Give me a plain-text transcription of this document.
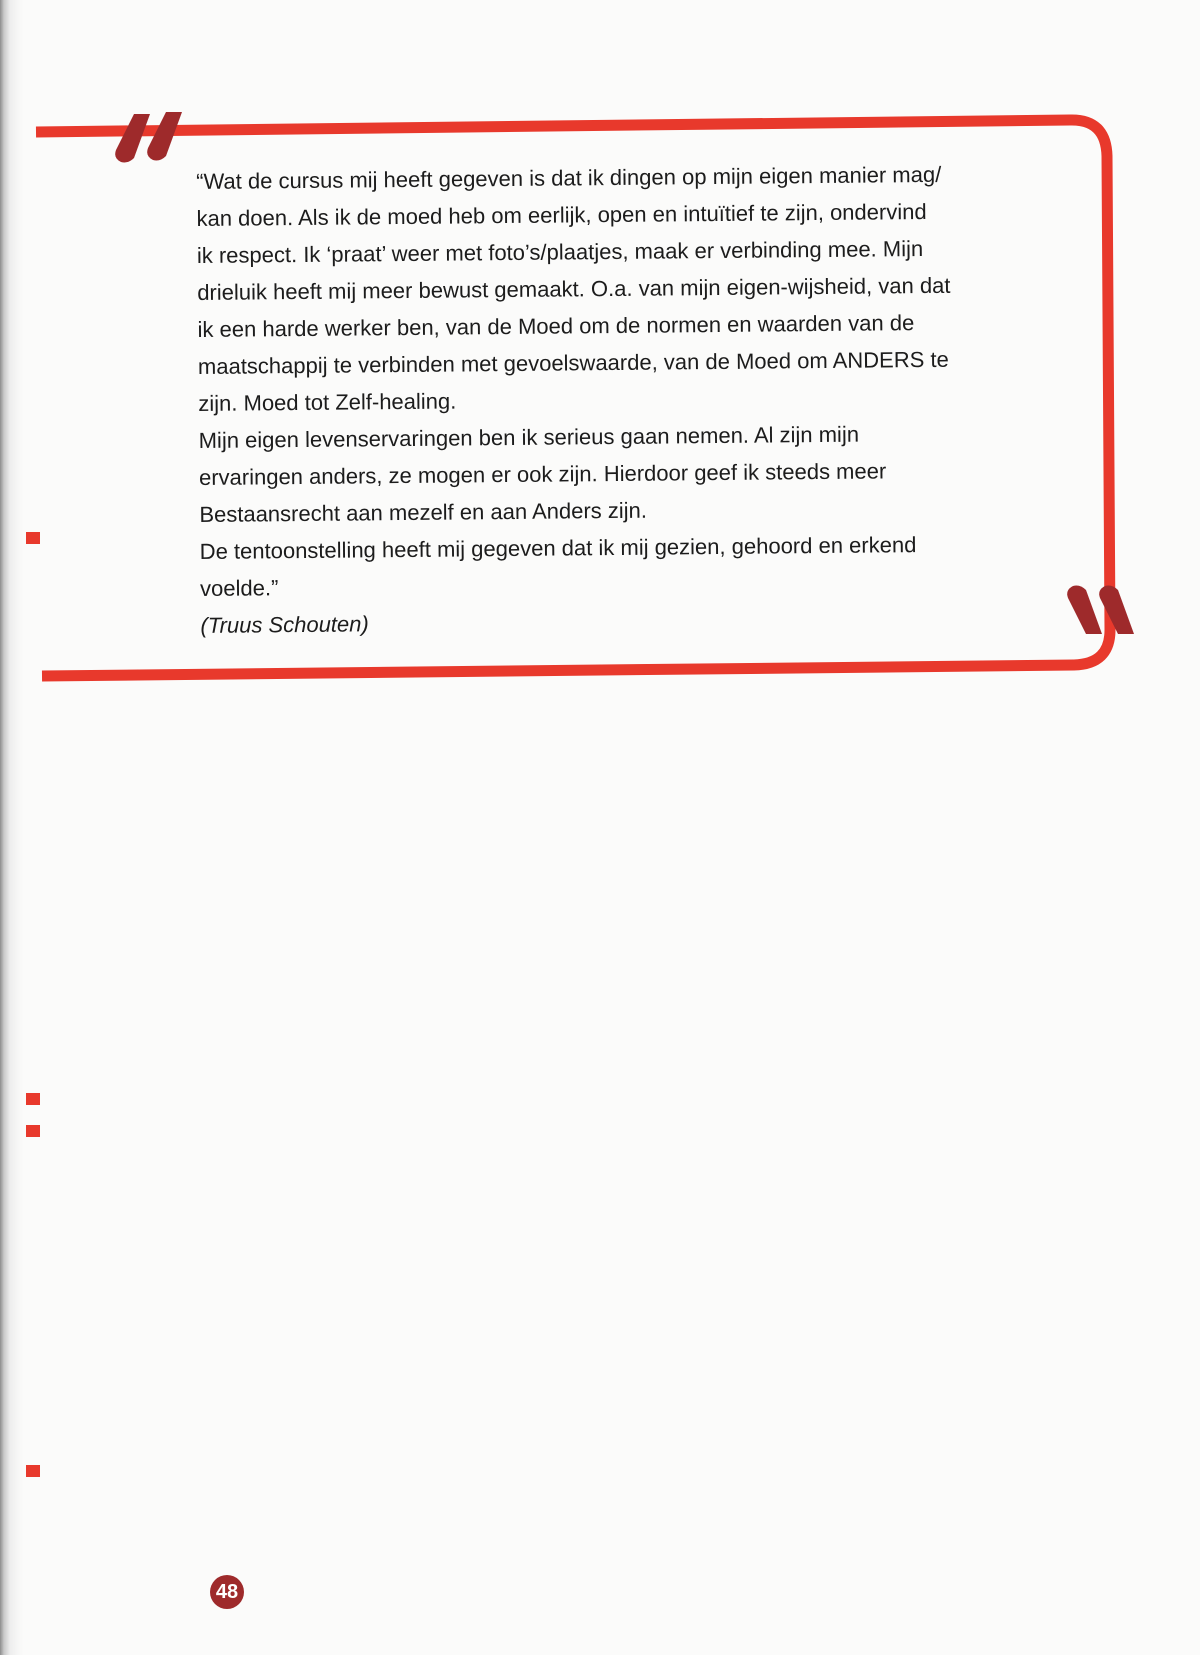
“Wat de cursus mij heeft gegeven is dat ik dingen op mijn eigen manier mag/
kan doen. Als ik de moed heb om eerlijk, open en intuïtief te zijn, ondervind
ik respect. Ik ‘praat’ weer met foto’s/plaatjes, maak er verbinding mee. Mijn
drieluik heeft mij meer bewust gemaakt. O.a. van mijn eigen-wijsheid, van dat
ik een harde werker ben, van de Moed om de normen en waarden van de
maatschappij te verbinden met gevoelswaarde, van de Moed om ANDERS te
zijn. Moed tot Zelf-healing.

Mijn eigen levenservaringen ben ik serieus gaan nemen. Al zijn mijn
ervaringen anders, ze mogen er ook zijn. Hierdoor geef ik steeds meer
Bestaansrecht aan mezelf en aan Anders zijn.

De tentoonstelling heeft mij gegeven dat ik mij gezien, gehoord en erkend
voelde.”

(Truus Schouten)

48
